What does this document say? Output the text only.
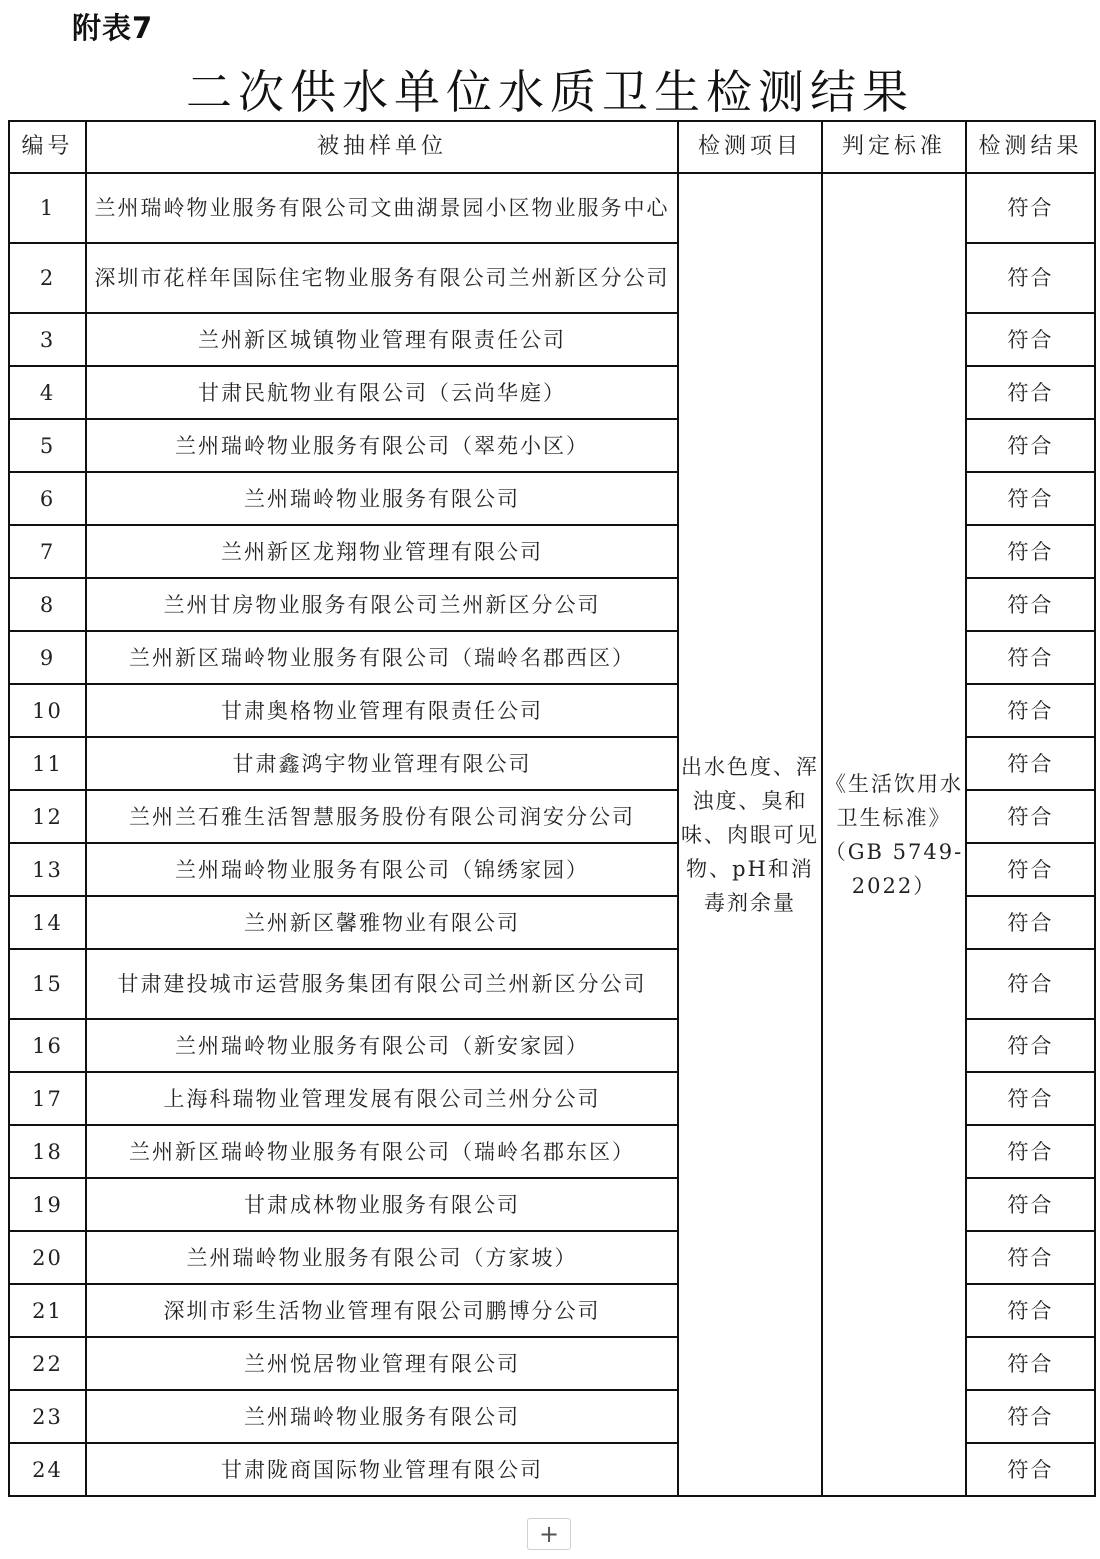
附表7
二次供水单位水质卫生检测结果
编号	被抽样单位	检测项目	判定标准	检测结果
1	兰州瑞岭物业服务有限公司文曲湖景园小区物业服务中心	出水色度、浑浊度、臭和味、肉眼可见物、pH和消毒剂余量	《生活饮用水卫生标准》（GB 5749-2022）	符合
2	深圳市花样年国际住宅物业服务有限公司兰州新区分公司			符合
3	兰州新区城镇物业管理有限责任公司			符合
4	甘肃民航物业有限公司（云尚华庭）			符合
5	兰州瑞岭物业服务有限公司（翠苑小区）			符合
6	兰州瑞岭物业服务有限公司			符合
7	兰州新区龙翔物业管理有限公司			符合
8	兰州甘房物业服务有限公司兰州新区分公司			符合
9	兰州新区瑞岭物业服务有限公司（瑞岭名郡西区）			符合
10	甘肃奥格物业管理有限责任公司			符合
11	甘肃鑫鸿宇物业管理有限公司			符合
12	兰州兰石雅生活智慧服务股份有限公司润安分公司			符合
13	兰州瑞岭物业服务有限公司（锦绣家园）			符合
14	兰州新区馨雅物业有限公司			符合
15	甘肃建投城市运营服务集团有限公司兰州新区分公司			符合
16	兰州瑞岭物业服务有限公司（新安家园）			符合
17	上海科瑞物业管理发展有限公司兰州分公司			符合
18	兰州新区瑞岭物业服务有限公司（瑞岭名郡东区）			符合
19	甘肃成林物业服务有限公司			符合
20	兰州瑞岭物业服务有限公司（方家坡）			符合
21	深圳市彩生活物业管理有限公司鹏博分公司			符合
22	兰州悦居物业管理有限公司			符合
23	兰州瑞岭物业服务有限公司			符合
24	甘肃陇商国际物业管理有限公司			符合
+
